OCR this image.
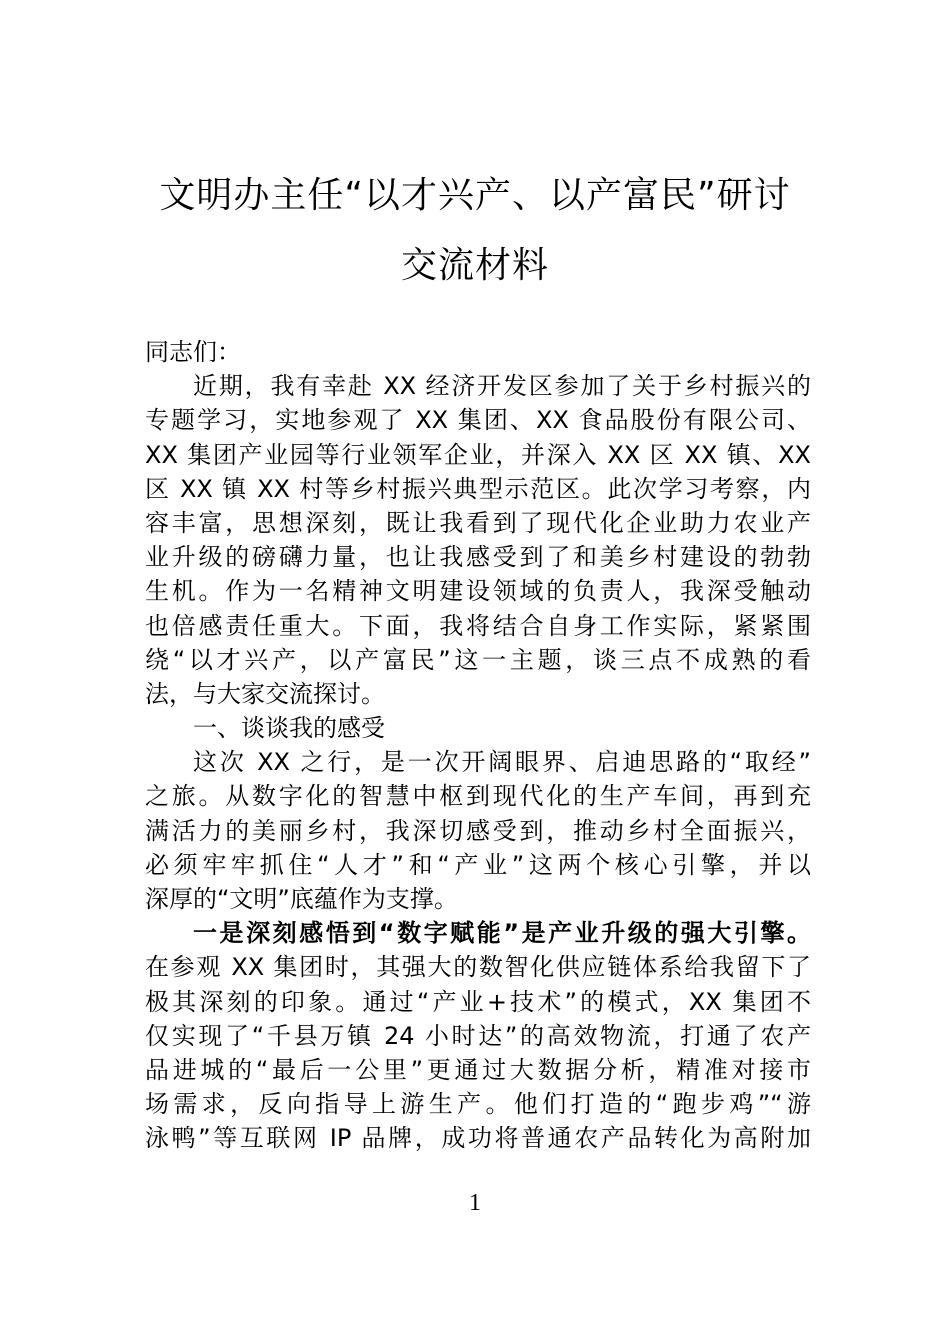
文明办主任“以才兴产、以产富民”研讨
交流材料
同志们：
近期，我有幸赴 XX 经济开发区参加了关于乡村振兴的
专题学习，实地参观了 XX 集团、XX 食品股份有限公司、
XX 集团产业园等行业领军企业，并深入 XX 区 XX 镇、XX
区 XX 镇 XX 村等乡村振兴典型示范区。此次学习考察，内
容丰富，思想深刻，既让我看到了现代化企业助力农业产
业升级的磅礴力量，也让我感受到了和美乡村建设的勃勃
生机。作为一名精神文明建设领域的负责人，我深受触动
也倍感责任重大。下面，我将结合自身工作实际，紧紧围
绕“以才兴产，以产富民”这一主题，谈三点不成熟的看
法，与大家交流探讨。
一、谈谈我的感受
这次 XX 之行，是一次开阔眼界、启迪思路的“取经”
之旅。从数字化的智慧中枢到现代化的生产车间，再到充
满活力的美丽乡村，我深切感受到，推动乡村全面振兴，
必须牢牢抓住“人才”和“产业”这两个核心引擎，并以
深厚的“文明”底蕴作为支撑。
一是深刻感悟到“数字赋能”是产业升级的强大引擎。
在参观 XX 集团时，其强大的数智化供应链体系给我留下了
极其深刻的印象。通过“产业+技术”的模式，XX 集团不
仅实现了“千县万镇 24 小时达”的高效物流，打通了农产
品进城的“最后一公里”更通过大数据分析，精准对接市
场需求，反向指导上游生产。他们打造的“跑步鸡”“游
泳鸭”等互联网 IP 品牌，成功将普通农产品转化为高附加
1
